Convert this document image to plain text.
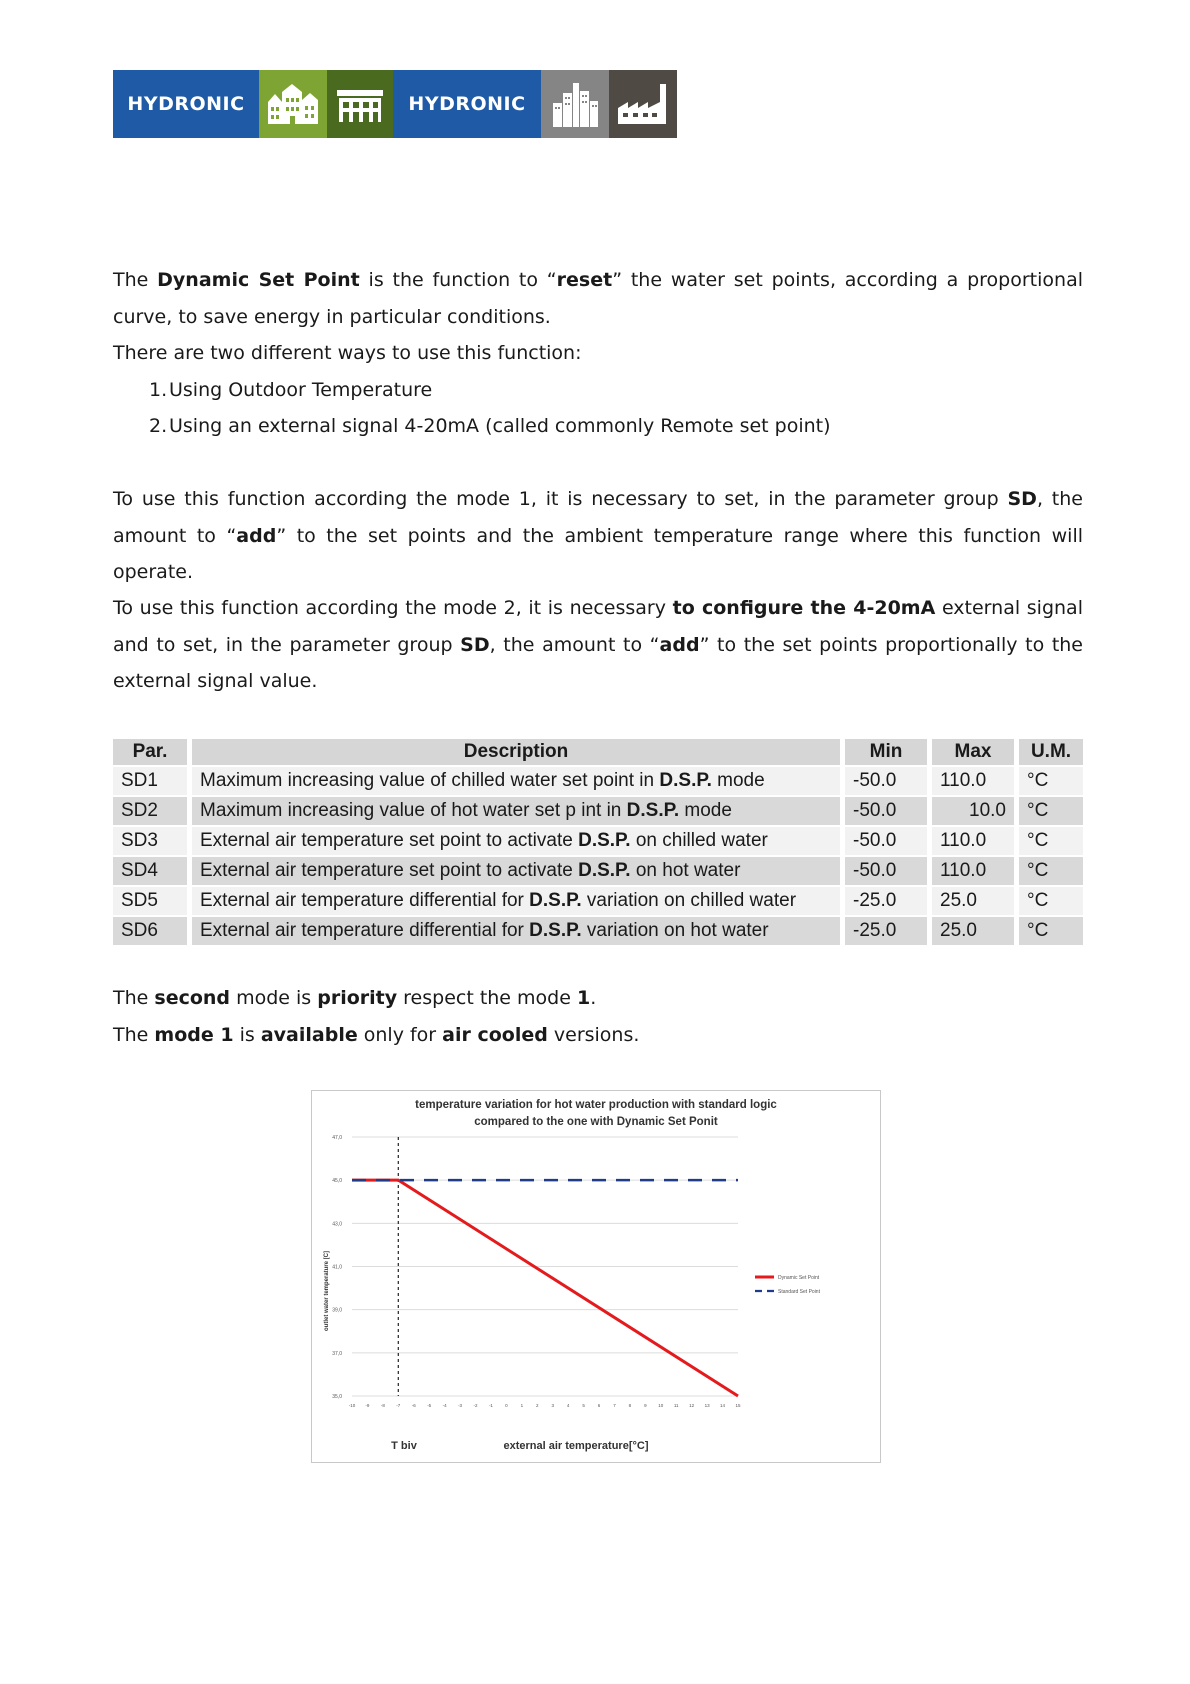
HYDRONIC	HYDRONIC
The Dynamic Set Point is the function to “reset” the water set points, according a proportional curve, to save energy in particular conditions.
There are two different ways to use this function:
1.Using Outdoor Temperature
2.Using an external signal 4-20mA (called commonly Remote set point)
To use this function according the mode 1, it is necessary to set, in the parameter group SD, the amount to “add” to the set points and the ambient temperature range where this function will operate.
To use this function according the mode 2, it is necessary to configure the 4-20mA external signal and to set, in the parameter group SD, the amount to “add” to the set points proportionally to the external signal value.
Par.	Description	Min	Max	U.M.
SD1	Maximum increasing value of chilled water set point in D.S.P. mode	-50.0	110.0	°C
SD2	Maximum increasing value of hot water set p int in D.S.P. mode	-50.0	10.0	°C
SD3	External air temperature set point to activate D.S.P. on chilled water	-50.0	110.0	°C
SD4	External air temperature set point to activate D.S.P. on hot water	-50.0	110.0	°C
SD5	External air temperature differential for D.S.P. variation on chilled water	-25.0	25.0	°C
SD6	External air temperature differential for D.S.P. variation on hot water	-25.0	25.0	°C
The second mode is priority respect the mode 1.
The mode 1 is available only for air cooled versions.
temperature variation for hot water production with standard logic
compared to the one with Dynamic Set Ponit
outlet water temperature [C]
T biv	external air temperature[°C]
47,0
45,0
43,0
41,0
39,0
37,0
35,0
-10 -9	-8	-7	-6	-5	-4	-3	-2	-1	0	1	2	3	4	5	6	7	8	9	10 11 12 13 14 15
Dynamic Set Point
Standard Set Point
